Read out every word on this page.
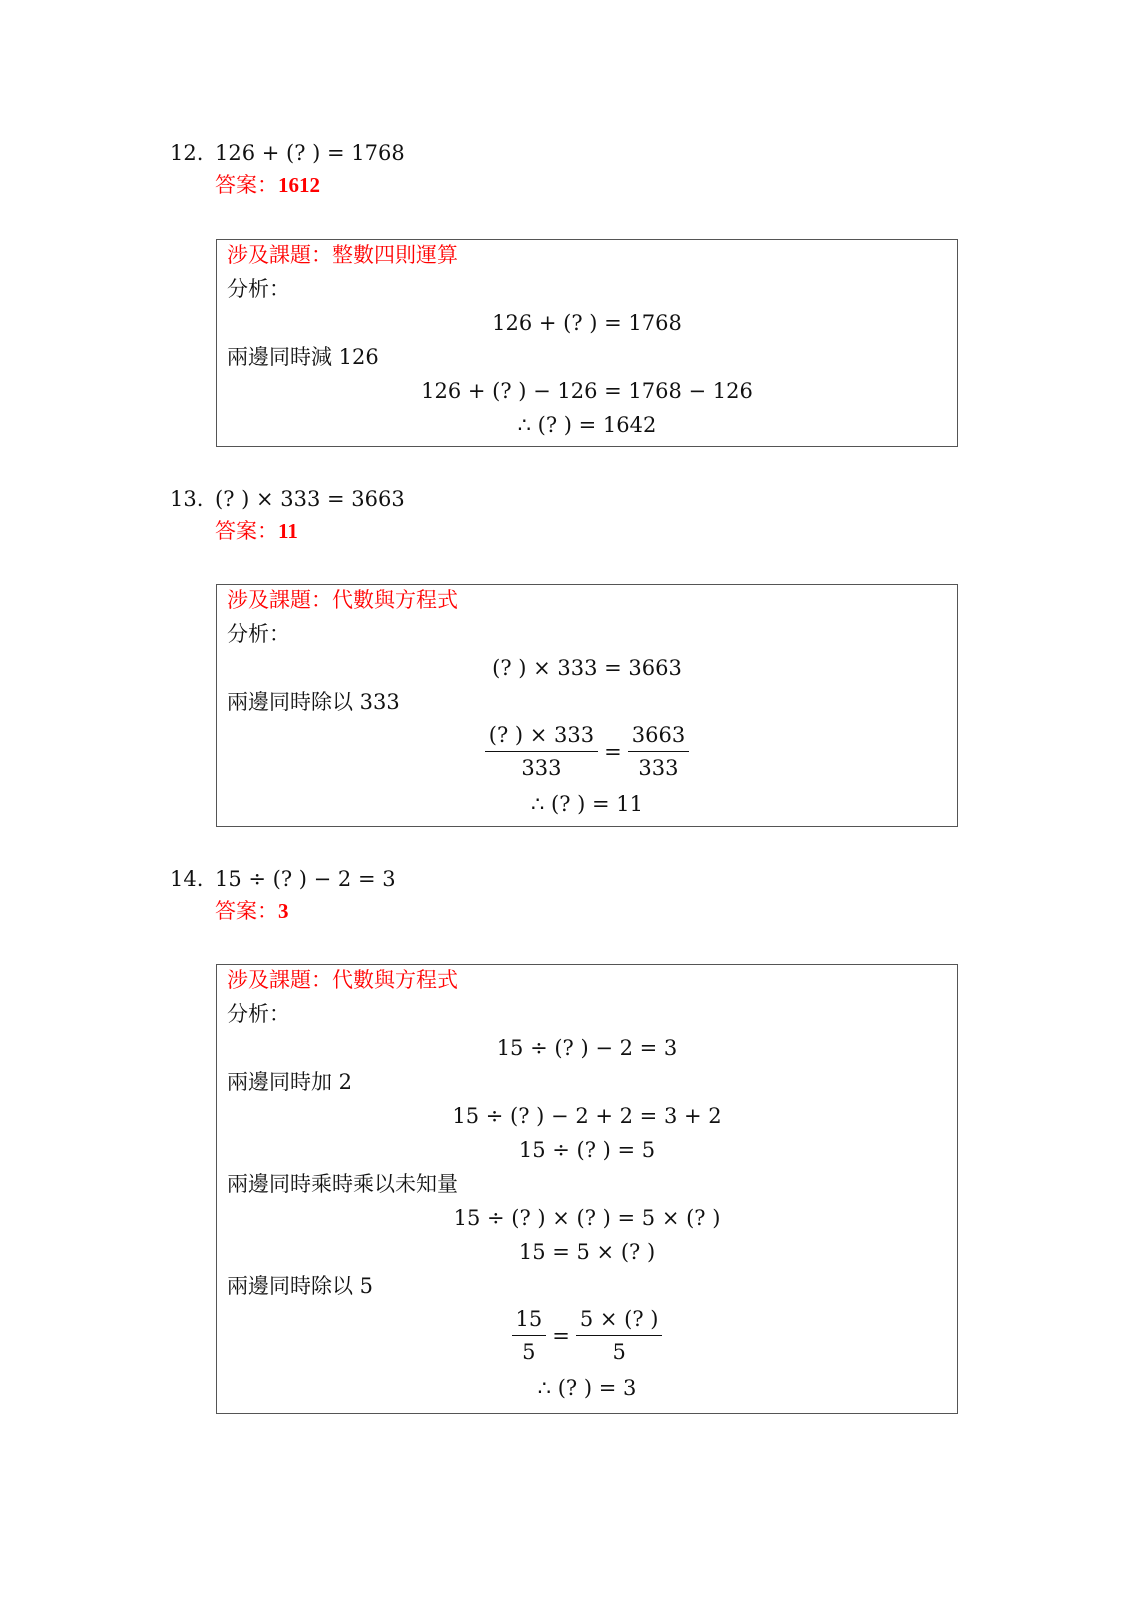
12. 126 + (? ) = 1768
答案：1612
涉及課題：整數四則運算
分析：
126 + (? ) = 1768
兩邊同時減 126
126 + (? ) − 126 = 1768 − 126
∴ (? ) = 1642
13. (? ) × 333 = 3663
答案：11
涉及課題：代數與方程式
分析：
(? ) × 333 = 3663
兩邊同時除以 333
$\frac{(? ) \times 333}{333} = \frac{3663}{333}$
∴ (? ) = 11
14. 15 ÷ (? ) − 2 = 3
答案：3
涉及課題：代數與方程式
分析：
15 ÷ (? ) − 2 = 3
兩邊同時加 2
15 ÷ (? ) − 2 + 2 = 3 + 2
15 ÷ (? ) = 5
兩邊同時乘時乘以未知量
15 ÷ (? ) × (? ) = 5 × (? )
15 = 5 × (? )
兩邊同時除以 5
$\frac{15}{5} = \frac{5 \times (? )}{5}$
∴ (? ) = 3
